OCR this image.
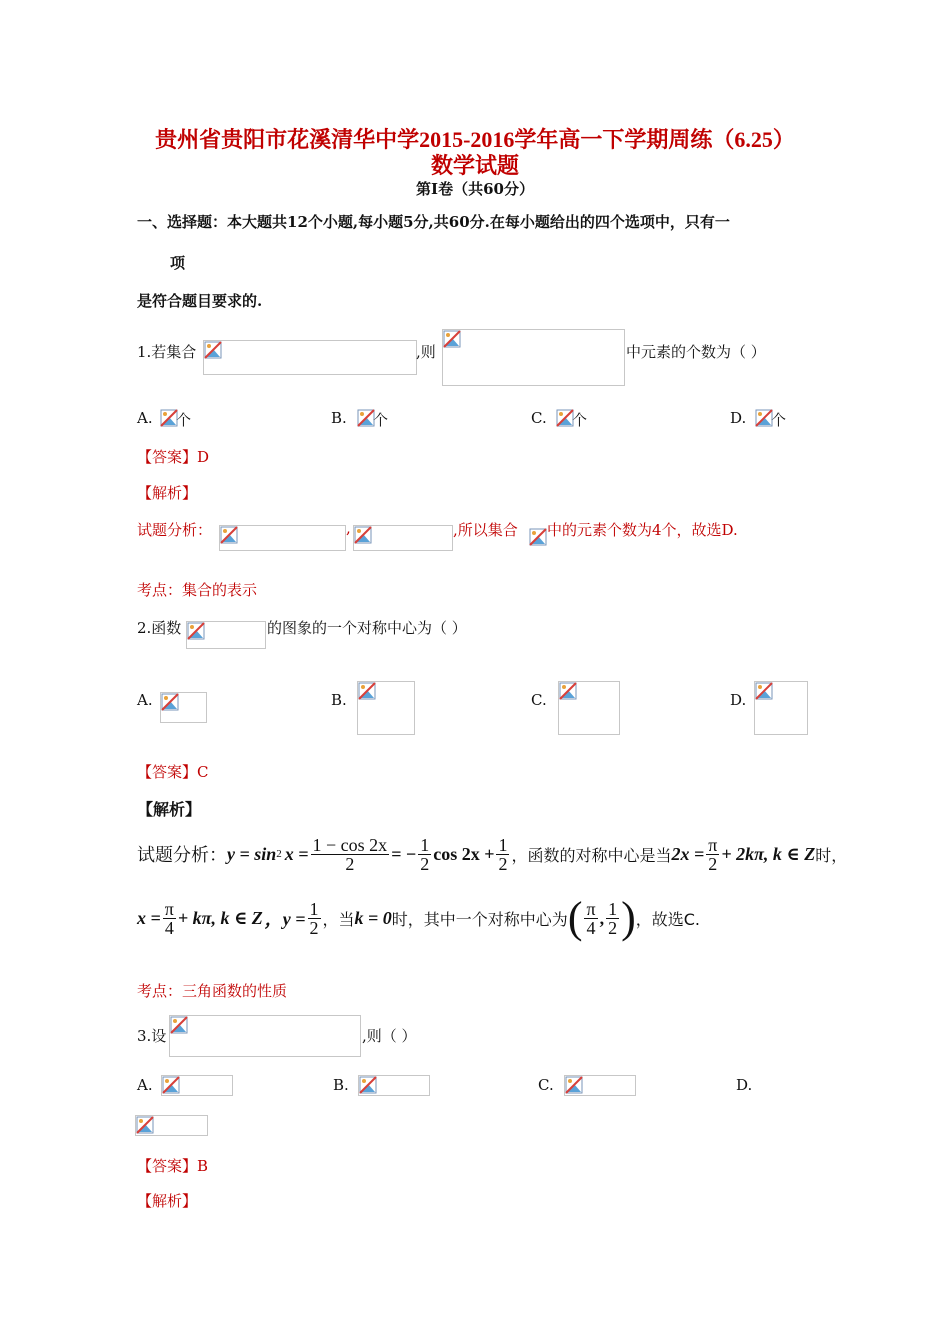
贵州省贵阳市花溪清华中学2015-2016学年高一下学期周练（6.25）
数学试题
第Ⅰ卷（共60分）
一、选择题：本大题共12个小题,每小题5分,共60分.在每小题给出的四个选项中，只有一
项
是符合题目要求的.
1.若集合	,则	中元素的个数为（ ）
A. 个	B. 个	C. 个	D. 个
【答案】D
【解析】
试题分析：	,	,所以集合 中的元素个数为4个，故选D.
考点：集合的表示
2.函数	的图象的一个对称中心为（ ）
A.	B.	C.	D.
【答案】C
【解析】
试题分析： y = sin 2 $x = \frac{1 - \cos 2x}{2}$ = − $\frac{1}{2}$ $\cos 2x + \frac{1}{2}$ ，函数的对称中心是当 $2x = \frac{\pi}{2} + 2k\pi$, k ∈ Z 时，
$x = \frac{\pi}{4} + k\pi$, k ∈ Z ，$y = \frac{1}{2}$ ，当 k = 0 时，其中一个对称中心为 ( $\frac{\pi}{4}$ , $\frac{1}{2}$ ) ，故选C.
考点：三角函数的性质
3.设	,则（ ）
A.	B.	C.	D.
【答案】B
【解析】
